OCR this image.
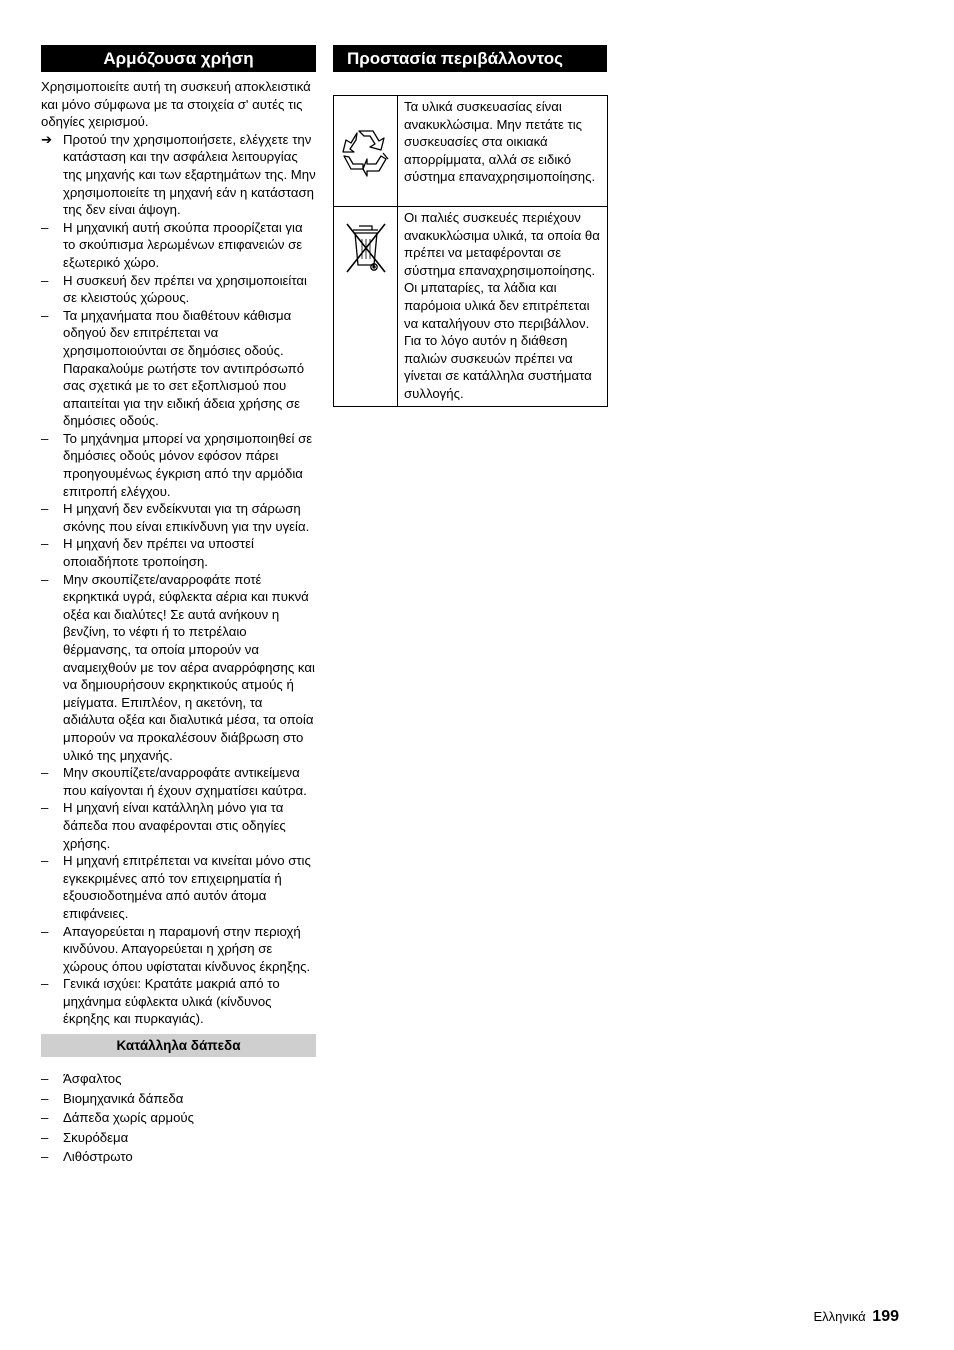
Αρμόζουσα χρήση

Χρησιμοποιείτε αυτή τη συσκευή αποκλειστικά και μόνο σύμφωνα με τα στοιχεία σ' αυτές τις οδηγίες χειρισμού.

➔ Προτού την χρησιμοποιήσετε, ελέγχετε την κατάσταση και την ασφάλεια λειτουργίας της μηχανής και των εξαρτημάτων της. Μην χρησιμοποιείτε τη μηχανή εάν η κατάσταση της δεν είναι άψογη.
–	Η μηχανική αυτή σκούπα προορίζεται για το σκούπισμα λερωμένων επιφανειών σε εξωτερικό χώρο.
–	Η συσκευή δεν πρέπει να χρησιμοποιείται σε κλειστούς χώρους.
–	Τα μηχανήματα που διαθέτουν κάθισμα οδηγού δεν επιτρέπεται να χρησιμοποιούνται σε δημόσιες οδούς. Παρακαλούμε ρωτήστε τον αντιπρόσωπό σας σχετικά με το σετ εξοπλισμού που απαιτείται για την ειδική άδεια χρήσης σε δημόσιες οδούς.
–	Το μηχάνημα μπορεί να χρησιμοποιηθεί σε δημόσιες οδούς μόνον εφόσον πάρει προηγουμένως έγκριση από την αρμόδια επιτροπή ελέγχου.
–	Η μηχανή δεν ενδείκνυται για τη σάρωση σκόνης που είναι επικίνδυνη για την υγεία.
–	Η μηχανή δεν πρέπει να υποστεί οποιαδήποτε τροποίηση.
–	Μην σκουπίζετε/αναρροφάτε ποτέ εκρηκτικά υγρά, εύφλεκτα αέρια και πυκνά οξέα και διαλύτες! Σε αυτά ανήκουν η βενζίνη, το νέφτι ή το πετρέλαιο θέρμανσης, τα οποία μπορούν να αναμειχθούν με τον αέρα αναρρόφησης και να δημιουρήσουν εκρηκτικούς ατμούς ή μείγματα. Επιπλέον, η ακετόνη, τα αδιάλυτα οξέα και διαλυτικά μέσα, τα οποία μπορούν να προκαλέσουν διάβρωση στο υλικό της μηχανής.
–	Μην σκουπίζετε/αναρροφάτε αντικείμενα που καίγονται ή έχουν σχηματίσει καύτρα.
–	Η μηχανή είναι κατάλληλη μόνο για τα δάπεδα που αναφέρονται στις οδηγίες χρήσης.
–	Η μηχανή επιτρέπεται να κινείται μόνο στις εγκεκριμένες από τον επιχειρηματία ή εξουσιοδοτημένα από αυτόν άτομα επιφάνειες.
–	Απαγορεύεται η παραμονή στην περιοχή κινδύνου. Απαγορεύεται η χρήση σε χώρους όπου υφίσταται κίνδυνος έκρηξης.
–	Γενικά ισχύει: Κρατάτε μακριά από το μηχάνημα εύφλεκτα υλικά (κίνδυνος έκρηξης και πυρκαγιάς).
Κατάλληλα δάπεδα
–	Άσφαλτος
–	Βιομηχανικά δάπεδα
–	Δάπεδα χωρίς αρμούς
–	Σκυρόδεμα
–	Λιθόστρωτο
Προστασία περιβάλλοντος
	Τα υλικά συσκευασίας είναι ανακυκλώσιμα. Μην πετάτε τις συσκευασίες στα οικιακά απορρίμματα, αλλά σε ειδικό σύστημα επαναχρησιμοποίησης.

	Οι παλιές συσκευές περιέχουν ανακυκλώσιμα υλικά, τα οποία θα πρέπει να μεταφέρονται σε σύστημα επαναχρησιμοποίησης. Οι μπαταρίες, τα λάδια και παρόμοια υλικά δεν επιτρέπεται να καταλήγουν στο περιβάλλον. Για το λόγο αυτόν η διάθεση παλιών συσκευών πρέπει να γίνεται σε κατάλληλα συστήματα συλλογής.
Ελληνικά 199
